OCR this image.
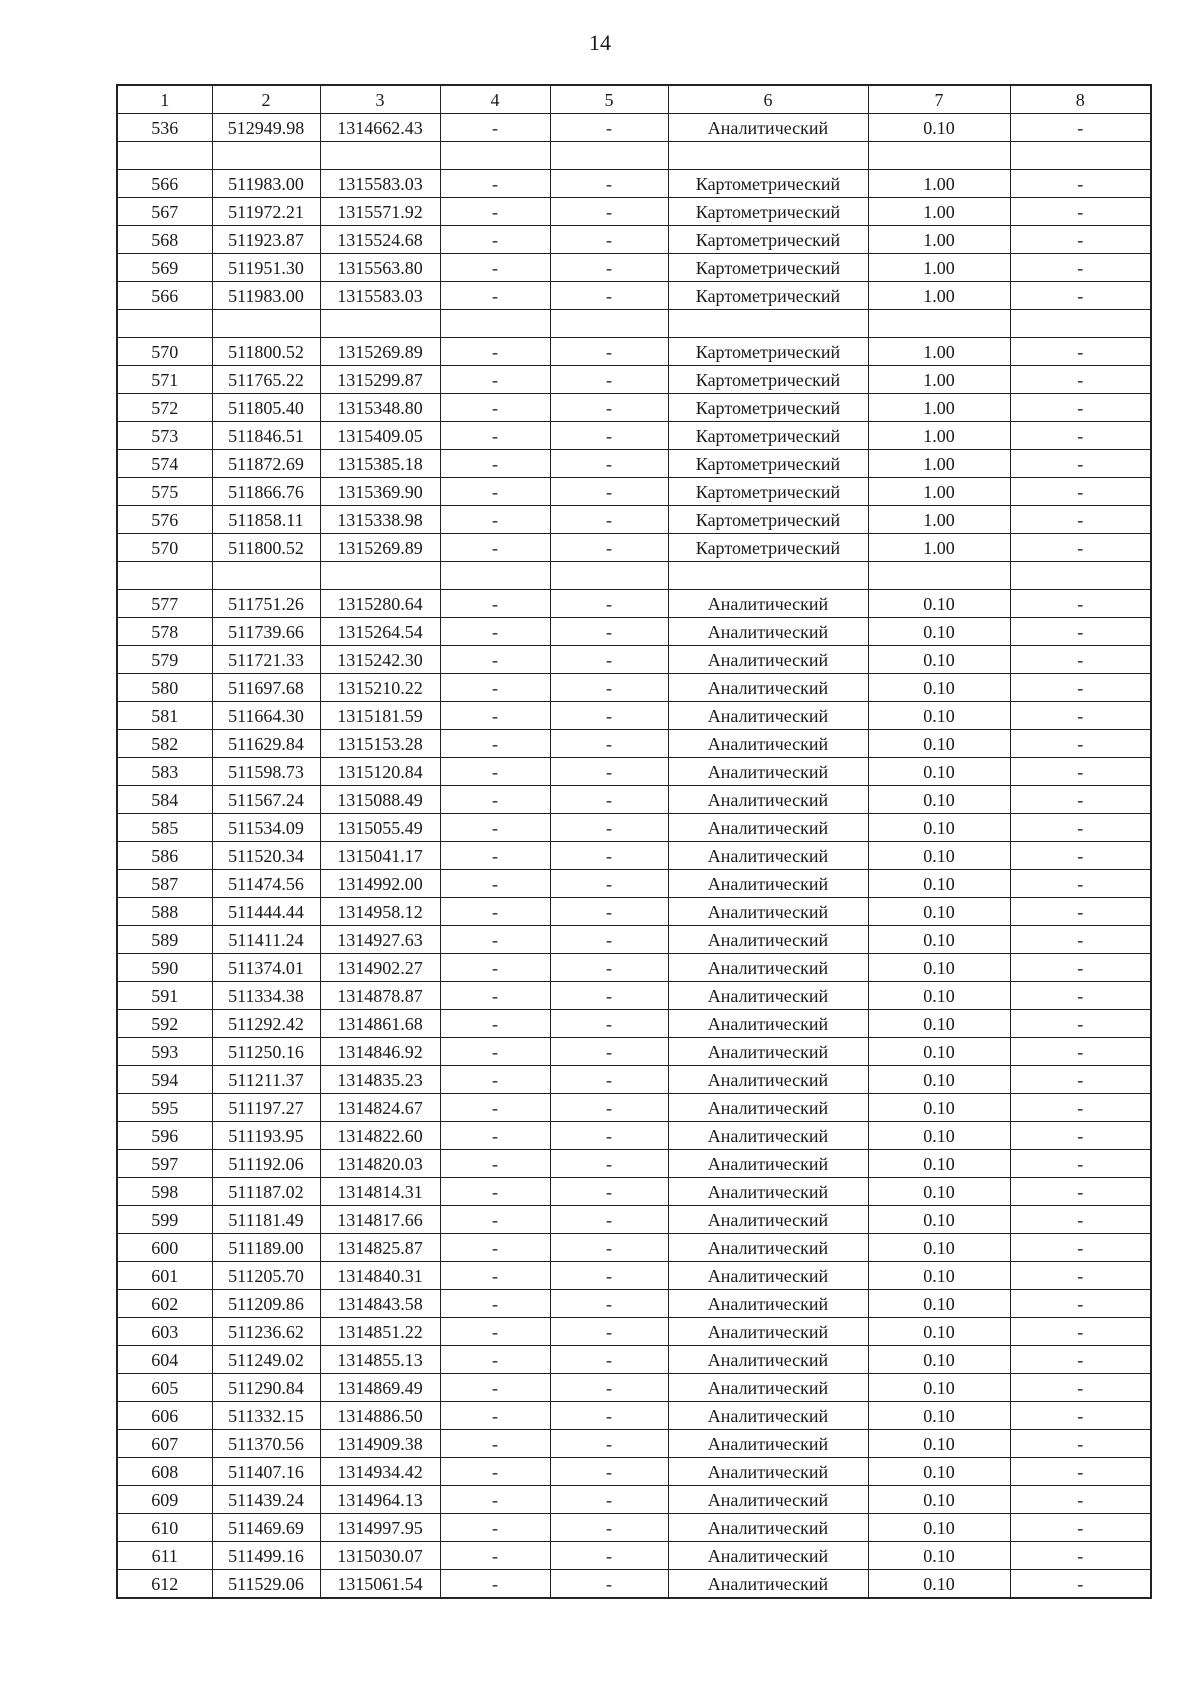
14
1	2	3	4	5	6	7	8
536	512949.98	1314662.43	-	-	Аналитический	0.10	-

566	511983.00	1315583.03	-	-	Картометрический	1.00	-
567	511972.21	1315571.92	-	-	Картометрический	1.00	-
568	511923.87	1315524.68	-	-	Картометрический	1.00	-
569	511951.30	1315563.80	-	-	Картометрический	1.00	-
566	511983.00	1315583.03	-	-	Картометрический	1.00	-

570	511800.52	1315269.89	-	-	Картометрический	1.00	-
571	511765.22	1315299.87	-	-	Картометрический	1.00	-
572	511805.40	1315348.80	-	-	Картометрический	1.00	-
573	511846.51	1315409.05	-	-	Картометрический	1.00	-
574	511872.69	1315385.18	-	-	Картометрический	1.00	-
575	511866.76	1315369.90	-	-	Картометрический	1.00	-
576	511858.11	1315338.98	-	-	Картометрический	1.00	-
570	511800.52	1315269.89	-	-	Картометрический	1.00	-

577	511751.26	1315280.64	-	-	Аналитический	0.10	-
578	511739.66	1315264.54	-	-	Аналитический	0.10	-
579	511721.33	1315242.30	-	-	Аналитический	0.10	-
580	511697.68	1315210.22	-	-	Аналитический	0.10	-
581	511664.30	1315181.59	-	-	Аналитический	0.10	-
582	511629.84	1315153.28	-	-	Аналитический	0.10	-
583	511598.73	1315120.84	-	-	Аналитический	0.10	-
584	511567.24	1315088.49	-	-	Аналитический	0.10	-
585	511534.09	1315055.49	-	-	Аналитический	0.10	-
586	511520.34	1315041.17	-	-	Аналитический	0.10	-
587	511474.56	1314992.00	-	-	Аналитический	0.10	-
588	511444.44	1314958.12	-	-	Аналитический	0.10	-
589	511411.24	1314927.63	-	-	Аналитический	0.10	-
590	511374.01	1314902.27	-	-	Аналитический	0.10	-
591	511334.38	1314878.87	-	-	Аналитический	0.10	-
592	511292.42	1314861.68	-	-	Аналитический	0.10	-
593	511250.16	1314846.92	-	-	Аналитический	0.10	-
594	511211.37	1314835.23	-	-	Аналитический	0.10	-
595	511197.27	1314824.67	-	-	Аналитический	0.10	-
596	511193.95	1314822.60	-	-	Аналитический	0.10	-
597	511192.06	1314820.03	-	-	Аналитический	0.10	-
598	511187.02	1314814.31	-	-	Аналитический	0.10	-
599	511181.49	1314817.66	-	-	Аналитический	0.10	-
600	511189.00	1314825.87	-	-	Аналитический	0.10	-
601	511205.70	1314840.31	-	-	Аналитический	0.10	-
602	511209.86	1314843.58	-	-	Аналитический	0.10	-
603	511236.62	1314851.22	-	-	Аналитический	0.10	-
604	511249.02	1314855.13	-	-	Аналитический	0.10	-
605	511290.84	1314869.49	-	-	Аналитический	0.10	-
606	511332.15	1314886.50	-	-	Аналитический	0.10	-
607	511370.56	1314909.38	-	-	Аналитический	0.10	-
608	511407.16	1314934.42	-	-	Аналитический	0.10	-
609	511439.24	1314964.13	-	-	Аналитический	0.10	-
610	511469.69	1314997.95	-	-	Аналитический	0.10	-
611	511499.16	1315030.07	-	-	Аналитический	0.10	-
612	511529.06	1315061.54	-	-	Аналитический	0.10	-
